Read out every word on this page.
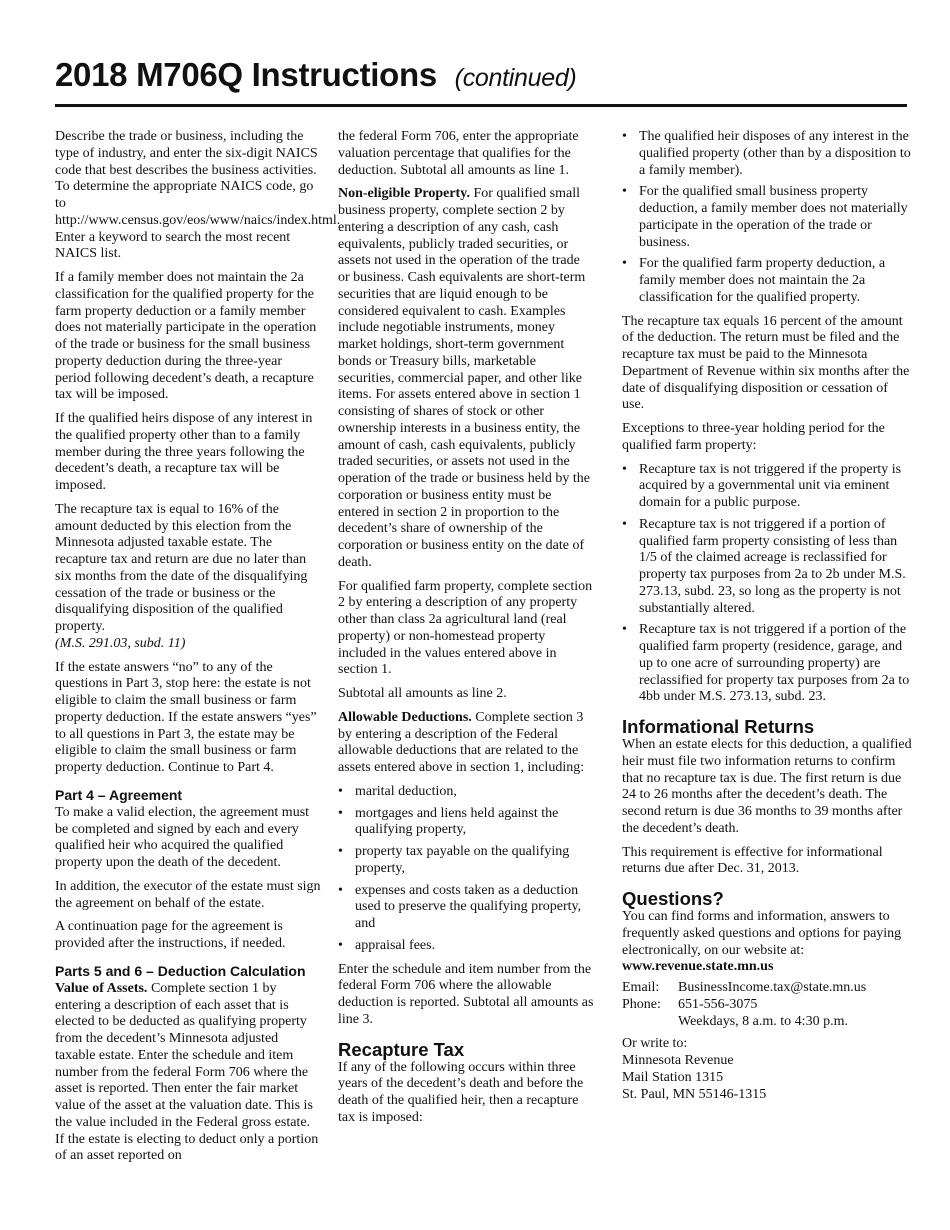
2018 M706Q Instructions (continued)

Describe the trade or business, including the type of industry, and enter the six-digit NAICS code that best describes the business activities. To determine the appropriate NAICS code, go to http://www.census.gov/eos/www/naics/index.html. Enter a keyword to search the most recent NAICS list.

If a family member does not maintain the 2a classification for the qualified property for the farm property deduction or a family member does not materially participate in the operation of the trade or business for the small business property deduction during the three-year period following decedent’s death, a recapture tax will be imposed.

If the qualified heirs dispose of any interest in the qualified property other than to a family member during the three years following the decedent’s death, a recapture tax will be imposed.

The recapture tax is equal to 16% of the amount deducted by this election from the Minnesota adjusted taxable estate. The recapture tax and return are due no later than six months from the date of the disqualifying cessation of the trade or business or the disqualifying disposition of the qualified property.

(M.S. 291.03, subd. 11)

If the estate answers “no” to any of the questions in Part 3, stop here: the estate is not eligible to claim the small business or farm property deduction. If the estate answers “yes” to all questions in Part 3, the estate may be eligible to claim the small business or farm property deduction. Continue to Part 4.

Part 4 – Agreement

To make a valid election, the agreement must be completed and signed by each and every qualified heir who acquired the qualified property upon the death of the decedent.

In addition, the executor of the estate must sign the agreement on behalf of the estate.

A continuation page for the agreement is provided after the instructions, if needed.

Parts 5 and 6 – Deduction Calculation

Value of Assets. Complete section 1 by entering a description of each asset that is elected to be deducted as qualifying property from the decedent’s Minnesota adjusted taxable estate. Enter the schedule and item number from the federal Form 706 where the asset is reported. Then enter the fair market value of the asset at the valuation date. This is the value included in the Federal gross estate. If the estate is electing to deduct only a portion of an asset reported on

the federal Form 706, enter the appropriate valuation percentage that qualifies for the deduction. Subtotal all amounts as line 1.

Non-eligible Property. For qualified small business property, complete section 2 by entering a description of any cash, cash equivalents, publicly traded securities, or assets not used in the operation of the trade or business. Cash equivalents are short-term securities that are liquid enough to be considered equivalent to cash. Examples include negotiable instruments, money market holdings, short-term government bonds or Treasury bills, marketable securities, commercial paper, and other like items. For assets entered above in section 1 consisting of shares of stock or other ownership interests in a business entity, the amount of cash, cash equivalents, publicly traded securities, or assets not used in the operation of the trade or business held by the corporation or business entity must be entered in section 2 in proportion to the decedent’s share of ownership of the corporation or business entity on the date of death.

For qualified farm property, complete section 2 by entering a description of any property other than class 2a agricultural land (real property) or non-homestead property included in the values entered above in section 1.

Subtotal all amounts as line 2.

Allowable Deductions. Complete section 3 by entering a description of the Federal allowable deductions that are related to the assets entered above in section 1, including:

• marital deduction,
• mortgages and liens held against the qualifying property,
• property tax payable on the qualifying property,
• expenses and costs taken as a deduction used to preserve the qualifying property, and
• appraisal fees.

Enter the schedule and item number from the federal Form 706 where the allowable deduction is reported. Subtotal all amounts as line 3.

Recapture Tax

If any of the following occurs within three years of the decedent’s death and before the death of the qualified heir, then a recapture tax is imposed:

• The qualified heir disposes of any interest in the qualified property (other than by a disposition to a family member).
• For the qualified small business property deduction, a family member does not materially participate in the operation of the trade or business.
• For the qualified farm property deduction, a family member does not maintain the 2a classification for the qualified property.

The recapture tax equals 16 percent of the amount of the deduction. The return must be filed and the recapture tax must be paid to the Minnesota Department of Revenue within six months after the date of disqualifying disposition or cessation of use.

Exceptions to three-year holding period for the qualified farm property:

• Recapture tax is not triggered if the property is acquired by a governmental unit via eminent domain for a public purpose.
• Recapture tax is not triggered if a portion of qualified farm property consisting of less than 1/5 of the claimed acreage is reclassified for property tax purposes from 2a to 2b under M.S. 273.13, subd. 23, so long as the property is not substantially altered.
• Recapture tax is not triggered if a portion of the qualified farm property (residence, garage, and up to one acre of surrounding property) are reclassified for property tax purposes from 2a to 4bb under M.S. 273.13, subd. 23.
Informational Returns

When an estate elects for this deduction, a qualified heir must file two information returns to confirm that no recapture tax is due. The first return is due 24 to 26 months after the decedent’s death. The second return is due 36 months to 39 months after the decedent’s death.

This requirement is effective for informational returns due after Dec. 31, 2013.

Questions?

You can find forms and information, answers to frequently asked questions and options for paying electronically, on our website at:

www.revenue.state.mn.us
Email:	BusinessIncome.tax@state.mn.us
Phone:	651-556-3075
	Weekdays, 8 a.m. to 4:30 p.m.
Or write to:
Minnesota Revenue
Mail Station 1315
St. Paul, MN 55146-1315
